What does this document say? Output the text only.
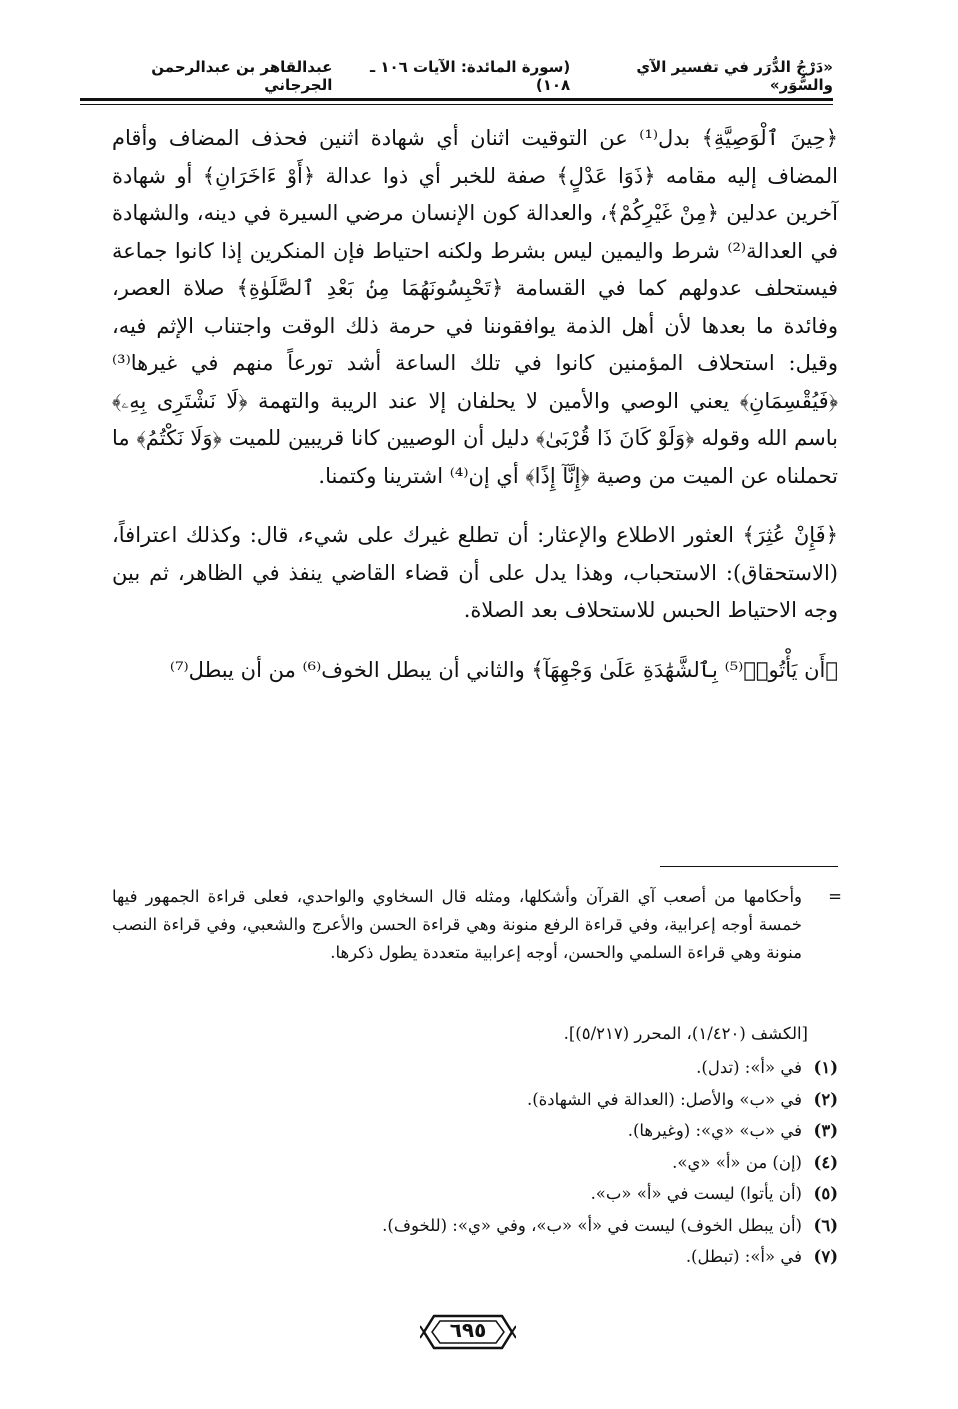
«دَرْجُ الدُّرَر في تفسير الآي والسُّوَر»
(سورة المائدة: الآيات ١٠٦ ـ ١٠٨)
عبدالقاهر بن عبدالرحمن الجرجاني

﴿حِينَ ٱلْوَصِيَّةِ﴾ بدل⁽¹⁾ عن التوقيت اثنان أي شهادة اثنين فحذف المضاف وأقام المضاف إليه مقامه ﴿ذَوَا عَدْلٍ﴾ صفة للخبر أي ذوا عدالة ﴿أَوْ ءَاخَرَانِ﴾ أو شهادة آخرين عدلين ﴿مِنْ غَيْرِكُمْ﴾، والعدالة كون الإنسان مرضي السيرة في دينه، والشهادة في العدالة⁽²⁾ شرط واليمين ليس بشرط ولكنه احتياط فإن المنكرين إذا كانوا جماعة فيستحلف عدولهم كما في القسامة ﴿تَحْبِسُونَهُمَا مِنۢ بَعْدِ ٱلصَّلَوٰةِ﴾ صلاة العصر، وفائدة ما بعدها لأن أهل الذمة يوافقوننا في حرمة ذلك الوقت واجتناب الإثم فيه، وقيل: استحلاف المؤمنين كانوا في تلك الساعة أشد تورعاً منهم في غيرها⁽³⁾ ﴿فَيُقْسِمَانِ﴾ يعني الوصي والأمين لا يحلفان إلا عند الريبة والتهمة ﴿لَا نَشْتَرِى بِهِۦ﴾ باسم الله وقوله ﴿وَلَوْ كَانَ ذَا قُرْبَىٰ﴾ دليل أن الوصيين كانا قريبين للميت ﴿وَلَا نَكْتُمُ﴾ ما تحملناه عن الميت من وصية ﴿إِنَّآ إِذًا﴾ أي إن⁽⁴⁾ اشترينا وكتمنا.

﴿فَإِنْ عُثِرَ﴾ العثور الاطلاع والإعثار: أن تطلع غيرك على شيء، قال: وكذلك اعترافاً، (الاستحقاق): الاستحباب، وهذا يدل على أن قضاء القاضي ينفذ في الظاهر، ثم بين وجه الاحتياط الحبس للاستحلاف بعد الصلاة.

﴿أَن يَأْتُوا۟⁽⁵⁾ بِٱلشَّهَٰدَةِ عَلَىٰ وَجْهِهَآ﴾ والثاني أن يبطل الخوف⁽⁶⁾ من أن يبطل⁽⁷⁾

=
وأحكامها من أصعب آي القرآن وأشكلها، ومثله قال السخاوي والواحدي، فعلى قراءة الجمهور فيها خمسة أوجه إعرابية، وفي قراءة الرفع منونة وهي قراءة الحسن والأعرج والشعبي، وفي قراءة النصب منونة وهي قراءة السلمي والحسن، أوجه إعرابية متعددة يطول ذكرها.
[الكشف (١/٤٢٠)، المحرر (٥/٢١٧)].
(١)
في «أ»: (تدل).
(٢)
في «ب» والأصل: (العدالة في الشهادة).
(٣)
في «ب» «ي»: (وغيرها).
(٤)
(إن) من «أ» «ي».
(٥)
(أن يأتوا) ليست في «أ» «ب».
(٦)
(أن يبطل الخوف) ليست في «أ» «ب»، وفي «ي»: (للخوف).
(٧)
في «أ»: (تبطل).
٦٩٥
